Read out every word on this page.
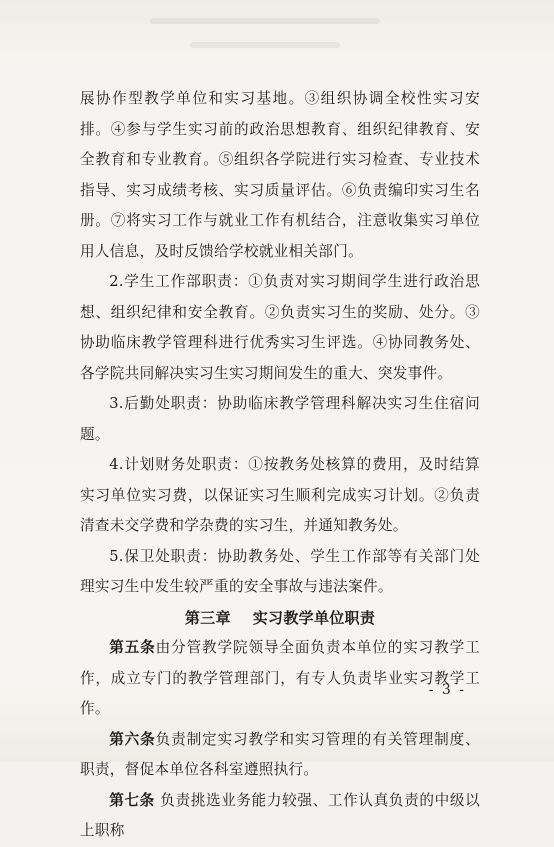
展协作型教学单位和实习基地。③组织协调全校性实习安排。④参与学生实习前的政治思想教育、组织纪律教育、安全教育和专业教育。⑤组织各学院进行实习检查、专业技术指导、实习成绩考核、实习质量评估。⑥负责编印实习生名册。⑦将实习工作与就业工作有机结合，注意收集实习单位用人信息，及时反馈给学校就业相关部门。

2.学生工作部职责：①负责对实习期间学生进行政治思想、组织纪律和安全教育。②负责实习生的奖励、处分。③协助临床教学管理科进行优秀实习生评选。④协同教务处、各学院共同解决实习生实习期间发生的重大、突发事件。

3.后勤处职责：协助临床教学管理科解决实习生住宿问题。

4.计划财务处职责：①按教务处核算的费用，及时结算实习单位实习费，以保证实习生顺利完成实习计划。②负责清查未交学费和学杂费的实习生，并通知教务处。

5.保卫处职责：协助教务处、学生工作部等有关部门处理实习生中发生较严重的安全事故与违法案件。

第三章 实习教学单位职责

第五条由分管教学院领导全面负责本单位的实习教学工作，成立专门的教学管理部门，有专人负责毕业实习教学工作。

第六条负责制定实习教学和实习管理的有关管理制度、职责，督促本单位各科室遵照执行。

第七条 负责挑选业务能力较强、工作认真负责的中级以上职称

- 3 -
